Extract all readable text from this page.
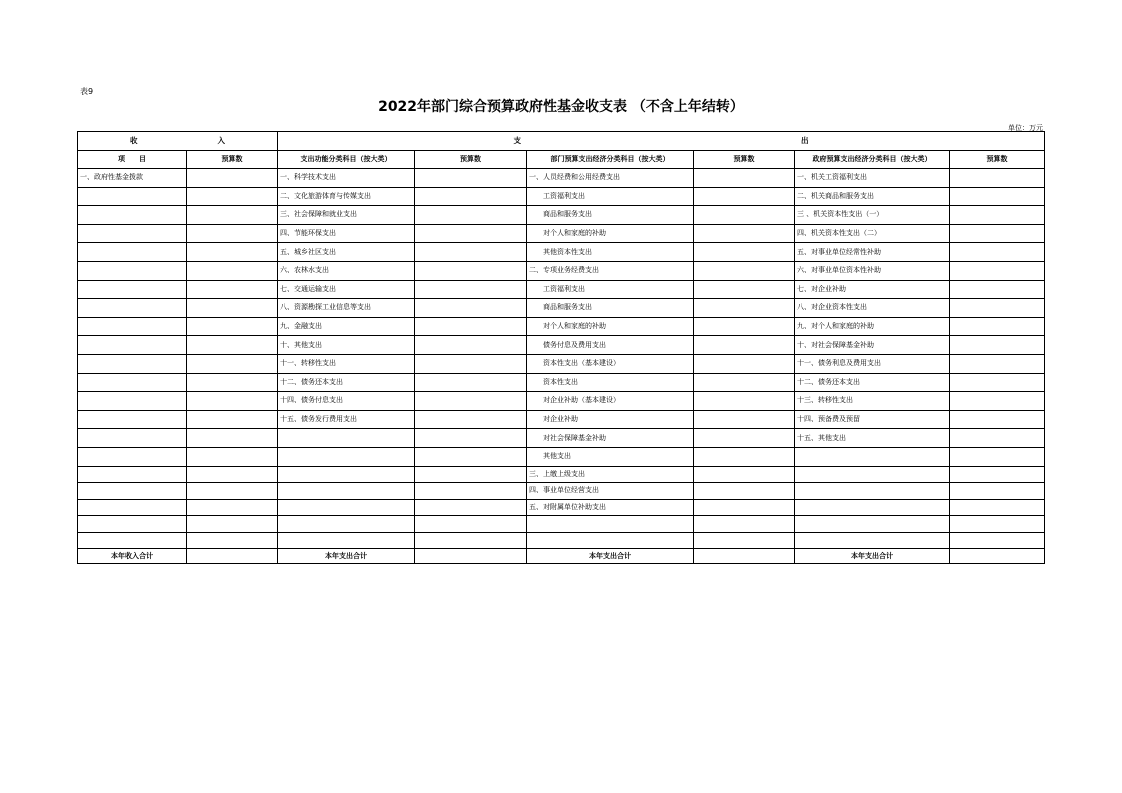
表9
2022年部门综合预算政府性基金收支表 （不含上年结转）
单位：万元
收 入		支 出					
项　　目	预算数	支出功能分类科目（按大类）	预算数	部门预算支出经济分类科目（按大类）	预算数	政府预算支出经济分类科目（按大类）	预算数
一、政府性基金拨款		一、科学技术支出		一、人员经费和公用经费支出		一、机关工资福利支出	
		二、文化旅游体育与传媒支出		工资福利支出		二、机关商品和服务支出	
		三、社会保障和就业支出		商品和服务支出		三 、机关资本性支出（一）	
		四、节能环保支出		对个人和家庭的补助		四、机关资本性支出（二）	
		五、城乡社区支出		其他资本性支出		五、对事业单位经常性补助	
		六、农林水支出		二、专项业务经费支出		六、对事业单位资本性补助	
		七、交通运输支出		工资福利支出		七、对企业补助	
		八、资源勘探工业信息等支出		商品和服务支出		八、对企业资本性支出	
		九、金融支出		对个人和家庭的补助		九、对个人和家庭的补助	
		十、其他支出		债务付息及费用支出		十、对社会保障基金补助	
		十一、转移性支出		资本性支出（基本建设）		十一、债务利息及费用支出	
		十二、债务还本支出		资本性支出		十二、债务还本支出	
		十四、债务付息支出		对企业补助（基本建设）		十三、转移性支出	
		十五、债务发行费用支出		对企业补助		十四、预备费及预留	
				对社会保障基金补助		十五、其他支出	
				其他支出			
				三、上缴上级支出			
				四、事业单位经营支出			
				五、对附属单位补助支出			

本年收入合计		本年支出合计		本年支出合计		本年支出合计	
